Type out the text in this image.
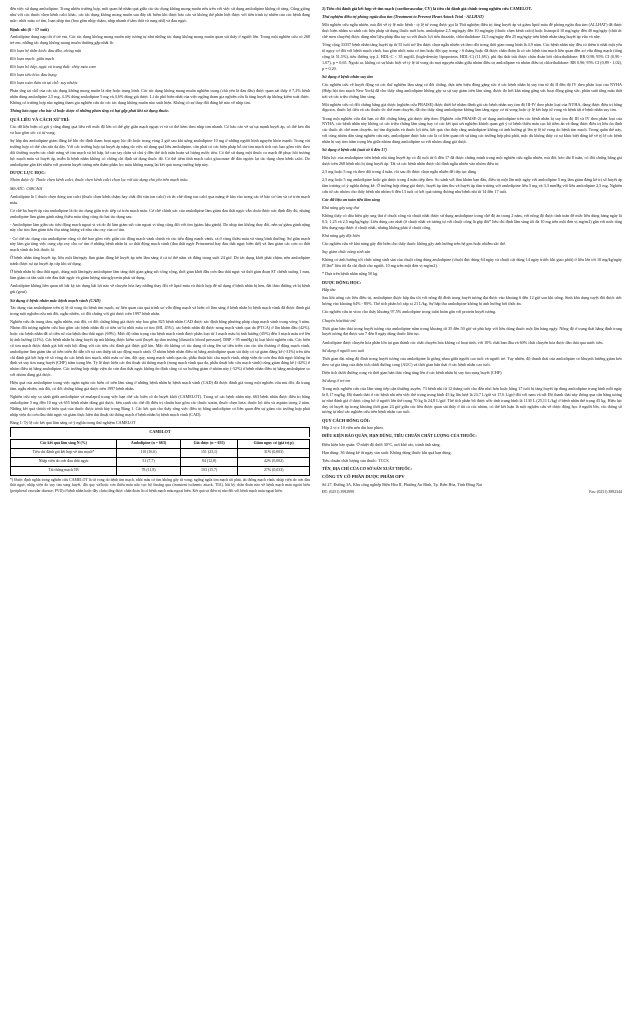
đến việc sử dụng amlodipine. Trong nhiều trường hợp, mối quan hệ nhân quả giữa các tác dụng không mong muốn nêu trên với việc sử dụng amlodipine không rõ ràng. Cũng giống như với các thuốc chẹn kênh calci khác, các tác dụng không mong muốn sau đây rất hiếm khi được báo cáo và không thể phân biệt được với tiến trình tự nhiên của các bệnh đang mắc: nhồi máu cơ tim, loạn nhịp tim (bao gồm nhịp chậm, nhịp nhanh ở tâm thất và rung nhĩ) và đau ngực.

Bệnh nhi (6 - 17 tuổi)

Amlodipine dung nạp tốt ở trẻ em. Các tác dụng không mong muốn này tương tự như những tác dụng không mong muốn quan sát thấy ở người lớn. Trong một nghiên cứu có 268 trẻ em, những tác dụng không mong muốn thường gặp nhất là:

Rối loạn hệ thần kinh: đau đầu, chóng mặt

Rối loạn mạch: giãn mạch

Rối loạn hô hấp, ngực và trung thất: chảy máu cam

Rối loạn tiêu hóa: đau bụng

Rối loạn toàn thân và tại chỗ: suy nhược

Phản ứng tại chỗ của các tác dụng không mong muốn là nhẹ hoặc trung bình. Các tác dụng không mong muốn nghiêm trọng (chủ yếu là đau đầu) được quan sát thấy ở 7,2% bệnh nhân dùng amlodipine 2,5 mg, 4,3% dùng amlodipine 5 mg và 4,6% dùng giả dược. Lí do phổ biến nhất của việc ngừng tham gia nghiên cứu là tăng huyết áp không kiểm soát được. Không có trường hợp nào ngừng tham gia nghiên cứu do các tác dụng không muốn nào xuất hiện. Không có sự thay đổi đáng kể nào về nhịp tim.

Thông báo ngay cho bác sĩ hoặc dược sĩ những phản ứng có hại gặp phải khi sử dụng thuốc.

QUÁ LIỀU VÀ CÁCH XỬ TRÍ:

Các dữ liệu hiện có gợi ý rằng dùng quá liều với mức độ lớn có thể gây giãn mạch ngoại vi và có thể kèm theo nhịp tim nhanh. Có báo cáo về sự tụt mạnh huyết áp, có thể kéo dài và bao gồm sốc có tử vong.

Sự hấp thu amlodipine giảm đáng kể khi chỉ định tham hoạt ngay lúc đó hoặc trong vòng 2 giờ sau khi uống amlodipine 10 mg ở những người bình nguyên khỏe mạnh. Trong vài trường hợp có thể cần rửa dạ dày. Với các trường hợp tụt huyết áp nặng do việc sử dụng quá liều amlodipine, cần phải có các biện pháp hỗ trợ tim mạch tích cực bao gồm việc theo dõi thường xuyên các chức năng về tim mạch và hô hấp, kê cao tay chân và chú ý đến thể tích tuần hoàn và lượng nước tiểu. Có thể sử dụng một thuốc co mạch để phục hồi trương lực mạch máu và huyết áp, miễn là bệnh nhân không có chống chỉ định sử dụng thuốc đó. Có thể tiêm tĩnh mạch calci gluconate để đảo ngược lại tác dụng chẹn kênh calci. Do amlodipine gắn kết nhiều với protein huyết tương nên thẩm phân lọc máu không mang lại kết quả trong trường hợp này.

DƯỢC LỰC HỌC:

Nhóm dược lý: Thuốc chẹn kênh calci, thuốc chẹn kênh calci chọn lọc với tác dụng chủ yếu trên mạch máu.

Mã ATC: C08CA01

Amlodipine là 1 thuốc chẹn dòng ion calci (thuốc chẹn kênh chậm hay chất đối vận ion calci) và ức chế dòng ion calci qua màng tế bào vào trong các tế bào cơ tim và cơ trơn mạch máu.

Cơ chế hạ huyết áp của amlodipine là do tác dụng giãn trực tiếp cơ trơn mạch máu. Cơ chế chính xác của amlodipine làm giảm đau thắt ngực vẫn chưa được xác định đầy đủ, nhưng amlodipine làm giảm gánh nặng thiếu máu tổng cộng do hai tác dụng sau:

- Amlodipine làm giãn các tiểu động mạch ngoại vi và do đó làm giảm sức cản ngoại vi tổng cộng đối với tim (giảm hậu gánh). Do nhịp tim không thay đổi, nên sự giảm gánh nặng này cho tim làm giảm tiêu thụ năng lượng và nhu cầu oxy của cơ tim.

- Cơ chế tác dụng của amlodipine cũng có thể bao gồm việc giãn các động mạch vành chính và các tiểu động mạch vành, cả ở vùng thiếu máu và vùng bình thường. Sự giãn mạch này làm gia tăng việc cung cấp oxy cho cơ tim ở những bệnh nhân bị co thắt động mạch vành (đau thắt ngực Prinzmetal hay đau thắt ngực biến thể) và làm giảm các cơn co thắt mạch vành do hút thuốc lá.

Ở bệnh nhân tăng huyết áp, liều một lần/ngày làm giảm đáng kể huyết áp trên lâm sàng ở cả tư thế nằm và đứng trong suốt 24 giờ. Do tác dụng khởi phát chậm, nên amlodipine tránh được sự tụt huyết áp cấp khi sử dụng.

Ở bệnh nhân bị đau thắt ngực, dùng một lần/ngày amlodipine làm tăng thời gian gắng sức tổng cộng, thời gian khởi đầu cơn đau thắt ngực và thời gian đoạn ST chênh xuống 1 mm, làm giảm cả tần suất cơn đau thắt ngực và giảm lượng nitroglycerin phải sử dụng.

Amlodipine không liên quan tới bất kỳ tác dụng bất lợi nào về chuyển hóa hay những thay đổi về lipid máu và thích hợp để sử dụng ở bệnh nhân bị hen, đái tháo đường và bị bệnh gút (gout).

Sử dụng ở bệnh nhân mắc bệnh mạch vành (CAD)

Tác dụng của amlodipine trên tỷ lệ tử vong do bệnh tim mạch, sự liên quan của quá trình xơ vữa động mạch và biến cố lâm sàng ở bệnh nhân bị bệnh mạch vành đã được đánh giá trong một nghiên cứu mù đôi, ngẫu nhiên, có đối chứng với giả dược trên 1997 bệnh nhân.

Nghiên cứu đa trung tâm, ngẫu nhiên, mù đôi, có đối chứng bằng giả dược này bao gồm 825 bệnh nhân CAD được xác định bằng phương pháp chụp mạch vành trong vòng 3 năm. Nhóm đối tượng nghiên cứu bao gồm các bệnh nhân đã có tiền sử bị nhồi máu cơ tim (MI, 45%), các bệnh nhân đã được nong mạch vành qua da (PTCA) ở lần khám đầu (42%), hoặc các bệnh nhân đã có tiền sử của bệnh đau thắt ngực (69%). Mức độ trầm trọng của bệnh mạch vành được phân loại từ 1 mạch máu bị ảnh hưởng (45%) đến 3 mạch máu trở lên bị ảnh hưởng (21%). Các bệnh nhân bị tăng huyết áp mà không được kiểm soát (huyết áp tâm trương [diastolic blood pressure], DBP > 95 mmHg) bị loại khỏi nghiên cứu. Các biến cố tim mạch được đánh giá bởi một hội đồng với các tiêu chí đánh giá được giữ kín. Mặc dù không có tác dụng rõ ràng lên sự tiến triển của các tổn thương ở động mạch vành, amlodipine làm giảm tần số tiến triển đó dẫn tới sự can thiệp tái tạo động mạch cảnh. Ở nhóm bệnh nhân điều trị bằng amlodipine quan sát thấy có sự giảm đáng kể (-31%) trên tiêu chí đánh giá kết hợp về số vòng do các bệnh tim mạch, nhồi máu cơ tim, đột quỵ, nong mạch vành qua da, phẫu thuật bắc cầu mạch vành, nhập viện do cơn đau thắt ngực không ổn định và suy tim sung huyết (CHF) trầm trọng lên. Tỷ lệ thực hiện các thủ thuật tái thông mạch (nong mạch vành qua da, phẫu thuật bắc cầu mạch vành) cũng giảm đáng kể (-42%) ở nhóm điều trị bằng amlodipine. Các trường hợp nhập viện do cơn đau thắt ngực không ổn định cũng có xu hướng giảm ở nhóm này (-32%) ở bệnh nhân điều trị bằng amlodipine so với nhóm dùng giả dược.

Hiệu quả của amlodipine trong việc ngăn ngừa các biến cố trên lâm sàng ở những bệnh nhân bị bệnh mạch vành (CAD) đã được đánh giá trong một nghiên cứu mù đôi, đa trung tâm, ngẫu nhiên, mù đôi, có đối chứng bằng giả dược trên 1997 bệnh nhân.

Nghiên cứu này so sánh giữa amlodipine và enalapril trong việc hạn chế các biến cố do huyết khối (CAMELOT). Trong số các bệnh nhân này, 663 bệnh nhân được điều trị bằng amlodipine 5 mg đến 10 mg và 655 bệnh nhân dùng giả dược, bên cạnh các chế độ điều trị chuẩn bao gồm các thuốc statin, thuốc chẹn beta, thuốc lợi tiểu và aspirin trong 2 năm. Những kết quả chính về hiệu quả của thuốc được trình bày trong Bảng 1. Các kết quả cho thấy rằng việc điều trị bằng amlodipine có liên quan đến sự giảm các trường hợp phải nhập viện do cơn đau thắt ngực và giảm thực hiện thủ thuật tái thông mạch ở bệnh nhân bị bệnh mạch vành (CAD).

Bảng 1: Tỷ lệ các kết quả lâm sàng có ý nghĩa trong thử nghiệm CAMELOT

CAMELOT
Các kết quả lâm sàng N (%)	Amlodipine (n = 663)	Giả dược (n = 655)	Giảm nguy cơ (giá trị p)
Tiêu chí đánh giá kết hợp về tim mạch*	110 (16,6)	151 (23,1)	31% (0,003)
Nhập viện do cơn đau thắt ngực	51 (7,7)	84 (12,8)	42% (0,002)
Tái thông mạch TB	78 (11,8)	103 (15,7)	27% (0,033)

*) Được định nghĩa trong nghiên cứu CAMELOT là tử vong do bệnh tim mạch, nhồi máu cơ tim không gây tử vong, ngừng ngừa tim mạch tái phát, tái thông mạch vành, nhập viện do cơn đau thắt ngực, nhập viện do suy tim sung huyết, đột quỵ và/hoặc cơn thiếu máu não cục bộ thoáng qua (transient ischemic attack, TIA), bất kỳ chẩn đoán nào về bệnh mạch máu ngoài biên (peripheral vascular disease, PVD) ở bệnh nhân hoặc đầy chưa từng được chẩn đoán là có bệnh mạch máu ngoại biên. Kết quả sự điều trị nào đối với bệnh mạch máu ngoại biên.

2) Tiêu chí đánh giá kết hợp về tim mạch (cardiovascular, CV) là tiêu chí đánh giá chính trong nghiên cứu CAMELOT.

Thử nghiệm điều trị phòng ngừa đau tim (Treatment to Prevent Heart Attack Trial - ALLHAT)

Một nghiên cứu ngẫu nhiên, mù đôi về tỷ lệ mắc bệnh - tỷ lệ tử vong được gọi là Thử nghiệm điều trị tăng huyết áp và giảm lipid máu để phòng ngừa đau tim (ALLHAT) đã được thực hiện nhằm so sánh các liệu pháp sử dụng thuốc mới hơn, amlodipine 2,5 mg/ngày đến 10 mg/ngày (thuốc chẹn kênh calci) hoặc lisinopril 10 mg/ngày đến 40 mg/ngày (chất ức chế men chuyển) được dùng như liệu pháp đầu tay so với thuốc lợi tiểu thiazide, chlorthalidone 12,5 mg/ngày đến 25 mg/ngày trên bệnh nhân tăng huyết áp vừa và nhẹ.

Tổng cộng 33357 bệnh nhân tăng huyết áp từ 55 tuổi trở lên được chọn ngẫu nhiên và theo dõi trong thời gian trung bình là 4,9 năm. Các bệnh nhân này đều có thêm ít nhất một yếu tố nguy cơ đối với bệnh mạch vành, bao gồm nhồi máu cơ tim hoặc đột quỵ trong > 6 tháng hoặc đã được chẩn đoán là có các bệnh tim mạch liên quan đến xơ vữa động mạch (tổng cộng là 51,5%), tiểu đường typ 2, HDL-C < 35 mg/dL (high-density lipoprotein, HDL-C) (11,6%), phì đại thất trái được chẩn đoán bởi chlorthalidone: RR 0,98; 95% CI (0,90 - 1,07), p = 0,65. Ngoài ra, không có sự khác biệt về tỷ lệ tử vong do mọi nguyên nhân giữa nhóm điều trị amlodipine và nhóm điều trị chlorthalidone: RR 0,96; 95% CI (0,89 - 1,02), p = 0,20.

Sử dụng ở bệnh nhân suy tim

Các nghiên cứu về huyết động và các thử nghiệm lâm sàng có đối chứng, dựa trên hiệu đồng gắng sức ở các bệnh nhân bị suy tim từ độ II đến độ IV theo phân loại của NYHA (Hiệp hội tim mạch New York) đã cho thấy rằng amlodipine không gây ra sự suy giảm trên lâm sàng, được đo bởi khả năng gắng sức hoạt động gắng sức, phân suất tống máu thất trái và các triệu chứng lâm sàng.

Một nghiên cứu có đối chứng bằng giả dược (nghiên cứu PRAISE) được thiết kế nhằm đánh giá các bệnh nhân suy tim độ III-IV theo phân loại của NYHA, đang được điều trị bằng digoxin, thuốc lợi tiểu và các thuốc ức chế men chuyển, đã cho thấy rằng amlodipine không làm tăng nguy cơ tử vong hoặc tỷ lệ kết hợp tử vong và bệnh tật ở bệnh nhân suy tim.

Trong một nghiên cứu dài hạn có đối chứng bằng giả dược tiếp theo (Nghiên cứu PRAISE-2) sử dụng amlodipine trên các bệnh nhân bị suy tim độ III và IV theo phân loại của NYHA, các bệnh nhân này không có các triệu chứng lâm sàng hay có các kết quả xét nghiệm khách quan gợi ý có bệnh thiếu máu cục bộ tiềm ẩn và đang được điều trị liều ổn định các thuốc ức chế men chuyển, trợ tim digitalis và thuốc lợi tiểu, kết quả cho thấy rằng amlodipine không có ảnh hưởng gì lên tỷ lệ tử vong do bệnh tim mạch. Trong quần thể này, với cùng nhóm dân sàng nghiên cứu này, amlodipine được báo cáo là có liên quan tới sự tăng các trường hợp phù phổi, mặc dù không thấy có sự khác biệt đáng kể về tỷ lệ các bệnh nhân bị suy tim trầm trọng lên giữa nhóm dùng amlodipine so với nhóm dùng giả dược.

Sử dụng ở bệnh nhi (tuổi từ 6 đến 17)

Hiệu lực của amlodipine trên bệnh nhi tăng huyết áp có độ tuổi từ 6 đến 17 đã được chứng minh trong một nghiên cứu ngẫu nhiên, mù đôi, kéo dài 8 tuần, có đối chứng bằng giả dược trên 268 bệnh nhi bị tăng huyết áp. Tất cả các bệnh nhân được chỉ định ngẫu nhiên vào nhóm điều trị

2,5 mg hoặc 5 mg và theo dõi trong 4 tuần, rồi sau đó được chọn ngẫu nhiên để tiếp tục dùng

2,5 mg hoặc 5 mg amlodipine hoặc giả dược trong 4 tuần tiếp theo. So sánh với lâm khám bạn đầu, điều trị một lần một ngày với amlodipine 5 mg làm giảm đáng kể trị số huyết áp tâm trương có ý nghĩa thống kê. Ở trường hợp dùng giả dược, huyết áp tâm thu và huyết áp tâm trương với amlodipine liều 5 mg và 3,3 mmHg với liều amlodipine 2,5 mg. Nghiên cứu từ các nhóm cho thấy bệnh nhi nhóm 6 đến 13 tuổi có kết quả tương đương như bệnh nhi từ 14 đến 17 tuổi.

Các dữ liệu an toàn tiền lâm sàng

Khả năng gây ung thư

Không thấy có dấu hiệu gây ung thư ở chuột cống và chuột nhắt được sử dụng amlodipine trong chế độ ăn trong 2 năm, với nồng độ được tính toán để mức liều dùng hàng ngày là 0,5; 1,25 và 2,5 mg/kg/ngày. Liều dùng cao nhất (ở chuột nhắt và tương tự với chuột cống là gấp đôi* liều chỉ định lâm sàng tối đa 10 mg trên một đơn vị mg/m2) gần với mức tổng liều dung nạp được ở chuột nhắt, nhưng không phải ở chuột cống.

Khả năng gây đột biến

Các nghiên cứu về khả năng gây đột biến cho thấy thuốc không gây ảnh hưởng trên hệ gen hoặc nhiễm sắc thể.

Suy giảm chức năng sinh sản

Không có ảnh hưởng tới chức năng sinh sản của chuột cống dùng amlodipine (chuột đực dùng 64 ngày và chuột cái dùng 14 ngày trước khi giao phối) ở liều lên tới 10 mg/kg/ngày (8 lần* liều tối đa chỉ định cho người, 10 mg trên một đơn vị mg/m2).

* Dựa trên bệnh nhân nặng 50 kg.

DƯỢC ĐỘNG HỌC:

Hấp thu

Sau khi uống các liều điều trị, amlodipine được hấp thu tốt với nồng độ đỉnh trong huyết tương đạt được vào khoảng 6 đến 12 giờ sau khi uống. Sinh khả dụng tuyệt đối được ước lượng vào khoảng 64% - 80%. Thể tích phân bố xấp xỉ 21 L/kg. Sự hấp thu amlodipine không bị ảnh hưởng bởi thức ăn.

Các nghiên cứu in vitro cho thấy khoảng 97,5% amlodipine trong tuần hoàn gắn với protein huyết tương.

Chuyển hóa/thải trừ

Thời gian bán thải trong huyết tương của amlodipine nằm trong khoảng từ 35 đến 50 giờ và phù hợp với liều dùng thuốc một lần hàng ngày. Nồng độ ở trạng thái hằng định trong huyết tương đạt được sau 7 đến 8 ngày dùng thuốc liên tục.

Amlodipine được chuyển hóa phần lớn tại gan thành các chất chuyển hóa không có hoạt tính, với 10% chất ban đầu và 60% chất chuyển hóa được đào thải qua nước tiểu.

Sử dụng ở người cao tuổi

Thời gian đạt nồng độ đỉnh trong huyết tương của amlodipine là giống nhau giữa người cao tuổi và người trẻ. Tuy nhiên, độ thanh thải của amlodipine có khuynh hướng giảm kéo theo sự gia tăng của diện tích dưới đường cong (AUC) và thời gian bán thải ở các bệnh nhân cao tuổi.

Diện tích dưới đường cong và thời gian bán thải cũng tăng lên ở các bệnh nhân bị suy tim sung huyết (CHF).

Sử dụng ở trẻ em

Trong một nghiên cứu của lâm sàng tiếp cận thường xuyên, 73 bệnh nhi từ 12 tháng tuổi cho đến nhỏ hơn hoặc bằng 17 tuổi bị tăng huyết áp dùng amlodipine trung bình mỗi ngày là 0,17 mg/kg. Độ thanh thải ở các bệnh nhi nêu việc thể trọng trung bình 45 kg lần lượt là 23,7 L/giờ và 17,6 L/giờ đối với nam và nữ. Độ thanh thải này thông qua cân bằng tương tự như đánh giá ở dược cộng bố ở người lớn thể trọng 70 kg là 24,8 L/giờ. Thể tích phân bố được ước tính trung bình là 1130 L (25,11 L/kg) ở bệnh nhân thể trọng 45 kg. Hiệu lực duy trì huyết áp trong khoảng thời gian 24 giờ giữa các liều được quan sát thấy ở tất cả các nhóm, có thể kết luận là một nghiên cứu về dược động học ở người lớn, các thông số tương tự như các nghiên cứu trên bệnh nhân cao tuổi.

QUY CÁCH ĐÓNG GÓI:

Hộp 2 vỉ x 10 viên nén dài bao phim.

ĐIỀU KIỆN BẢO QUẢN, HẠN DÙNG, TIÊU CHUẨN CHẤT LƯỢNG CỦA THUỐC:

Điều kiện bảo quản: Ở nhiệt độ dưới 30°C, nơi khô ráo, tránh ánh sáng.

Hạn dùng: 36 tháng kể từ ngày sản xuất. Không dùng thuốc khi quá hạn dùng.

Tiêu chuẩn chất lượng của thuốc: TCCS.

TÊN, ĐỊA CHỈ CỦA CƠ SỞ SẢN XUẤT THUỐC:

CÔNG TY CỔ PHẦN DƯỢC PHẨM OPV

Số 27, Đường 3A, Khu công nghiệp Biên Hòa II, Phường An Bình, Tp. Biên Hòa, Tỉnh Đồng Nai

ĐT: (0251) 3992999	Fax: (0251) 3892344
